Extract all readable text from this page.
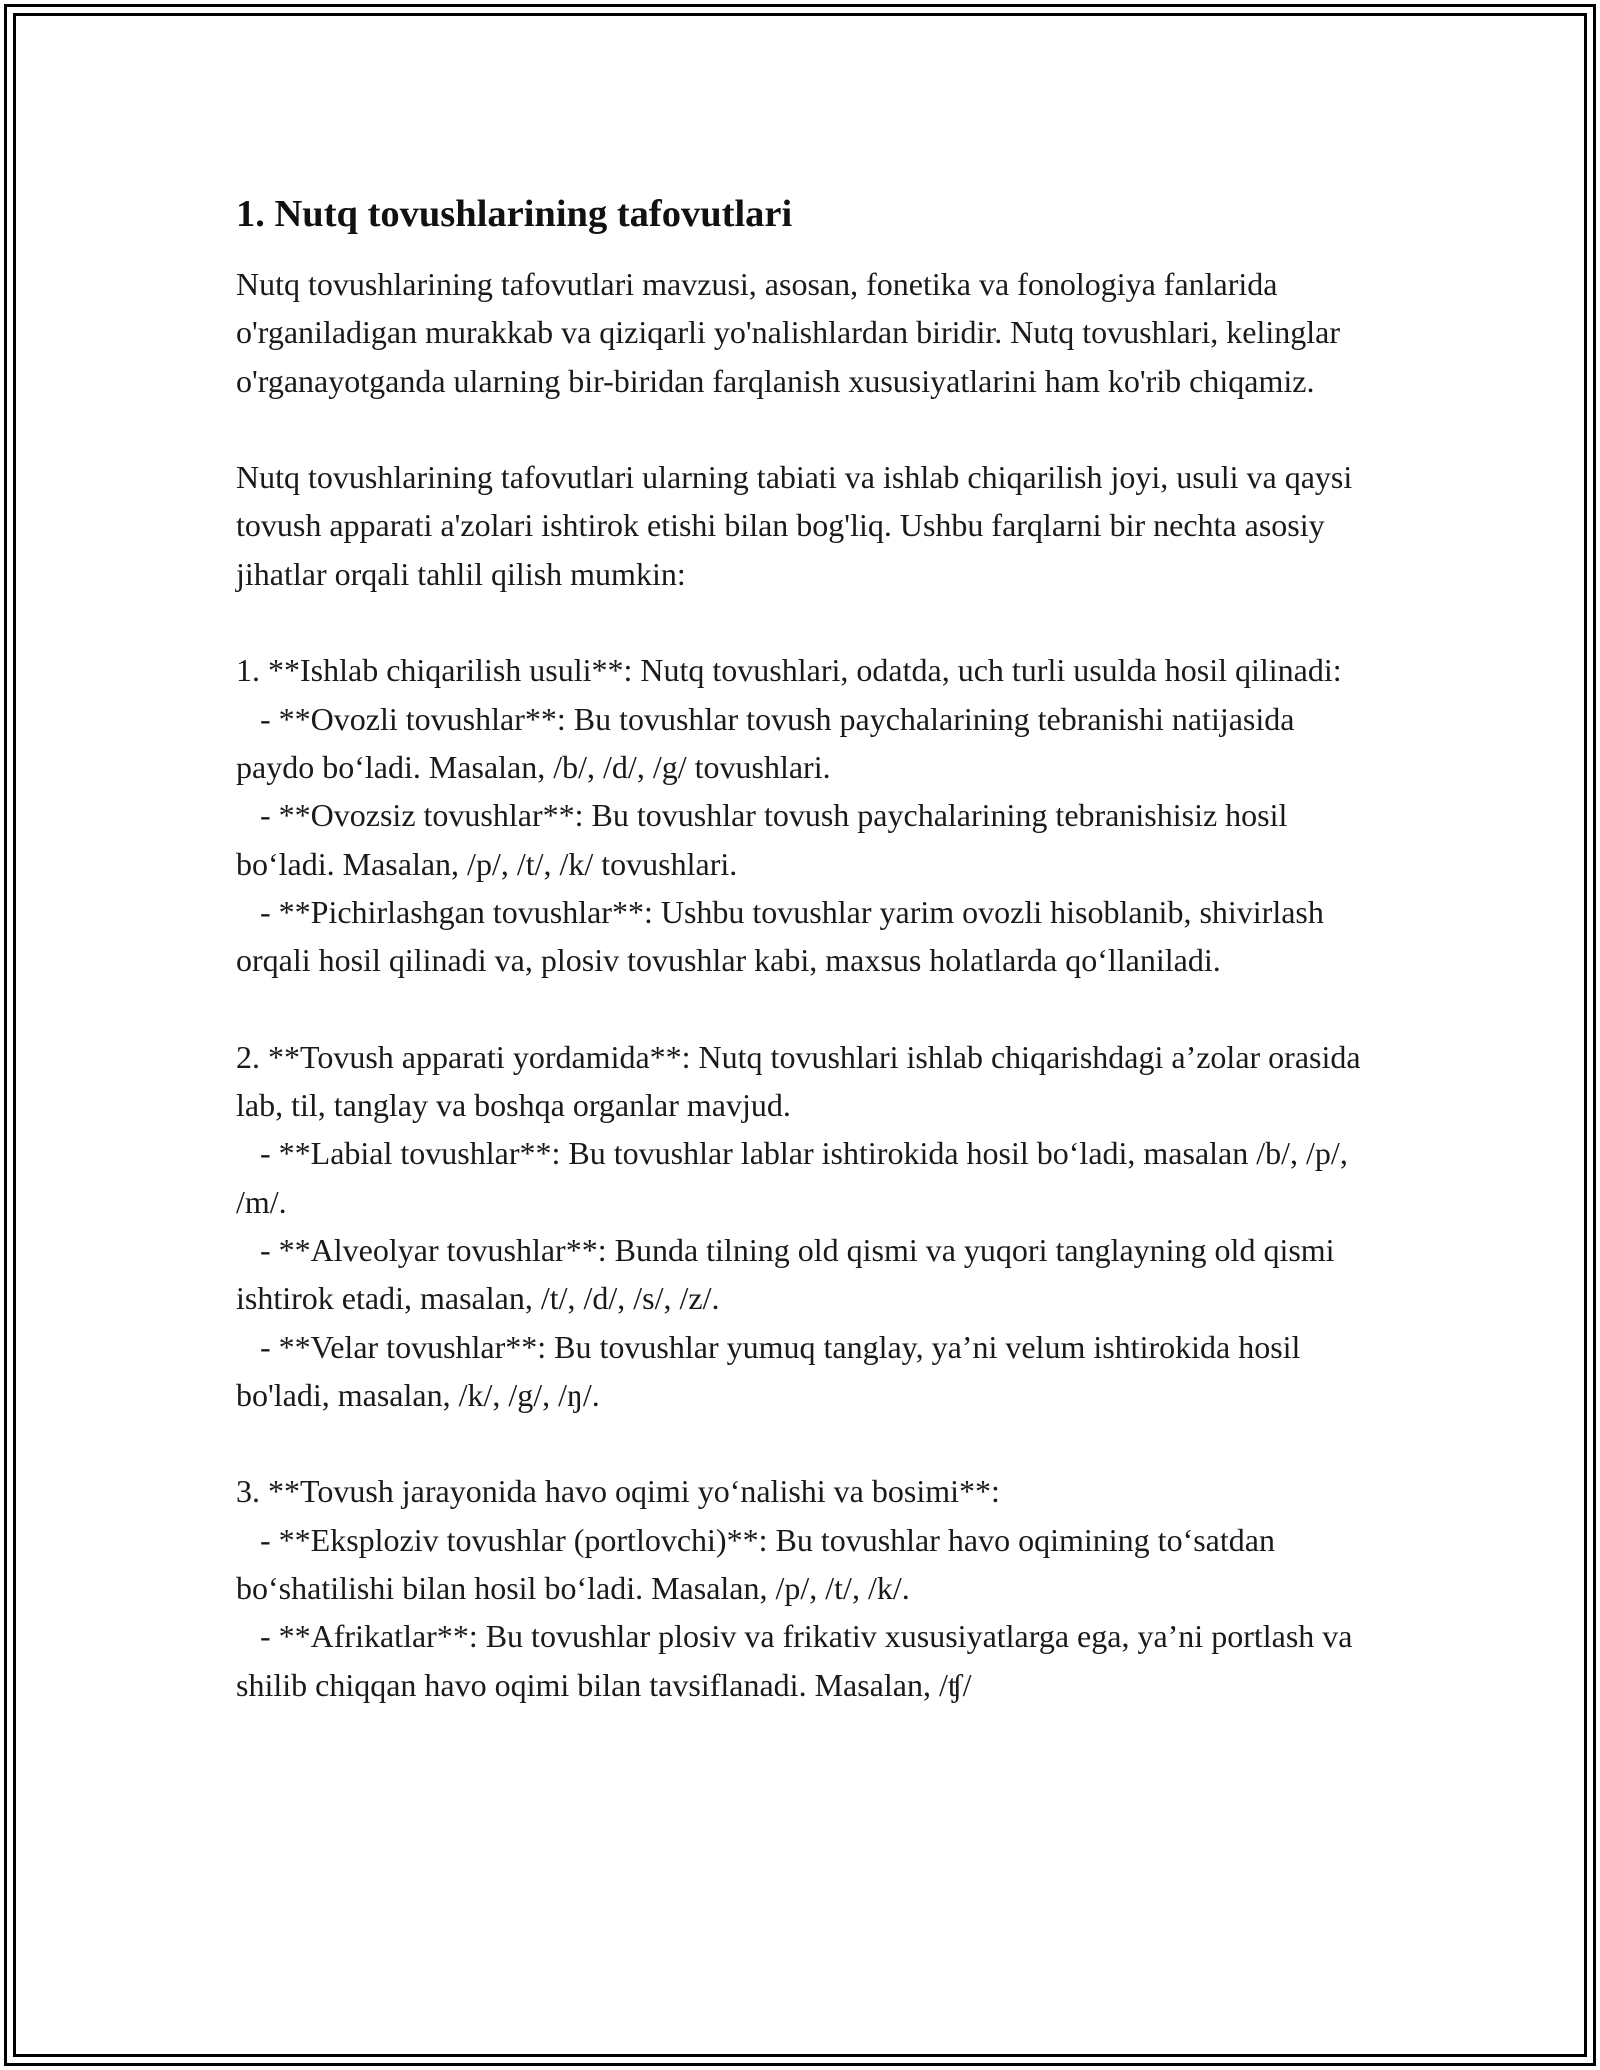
1. Nutq tovushlarining tafovutlari

Nutq tovushlarining tafovutlari mavzusi, asosan, fonetika va fonologiya fanlarida o'rganiladigan murakkab va qiziqarli yo'nalishlardan biridir. Nutq tovushlari, kelinglar o'rganayotganda ularning bir-biridan farqlanish xususiyatlarini ham ko'rib chiqamiz.

Nutq tovushlarining tafovutlari ularning tabiati va ishlab chiqarilish joyi, usuli va qaysi tovush apparati a'zolari ishtirok etishi bilan bog'liq. Ushbu farqlarni bir nechta asosiy jihatlar orqali tahlil qilish mumkin:

1. **Ishlab chiqarilish usuli**: Nutq tovushlari, odatda, uch turli usulda hosil qilinadi:
- **Ovozli tovushlar**: Bu tovushlar tovush paychalarining tebranishi natijasida paydo bo‘ladi. Masalan, /b/, /d/, /g/ tovushlari.
- **Ovozsiz tovushlar**: Bu tovushlar tovush paychalarining tebranishisiz hosil bo‘ladi. Masalan, /p/, /t/, /k/ tovushlari.
- **Pichirlashgan tovushlar**: Ushbu tovushlar yarim ovozli hisoblanib, shivirlash orqali hosil qilinadi va, plosiv tovushlar kabi, maxsus holatlarda qo‘llaniladi.

2. **Tovush apparati yordamida**: Nutq tovushlari ishlab chiqarishdagi a’zolar orasida lab, til, tanglay va boshqa organlar mavjud.
- **Labial tovushlar**: Bu tovushlar lablar ishtirokida hosil bo‘ladi, masalan /b/, /p/, /m/.
- **Alveolyar tovushlar**: Bunda tilning old qismi va yuqori tanglayning old qismi ishtirok etadi, masalan, /t/, /d/, /s/, /z/.
- **Velar tovushlar**: Bu tovushlar yumuq tanglay, ya’ni velum ishtirokida hosil bo'ladi, masalan, /k/, /g/, /ŋ/.

3. **Tovush jarayonida havo oqimi yo‘nalishi va bosimi**:
- **Eksploziv tovushlar (portlovchi)**: Bu tovushlar havo oqimining to‘satdan bo‘shatilishi bilan hosil bo‘ladi. Masalan, /p/, /t/, /k/.
- **Afrikatlar**: Bu tovushlar plosiv va frikativ xususiyatlarga ega, ya’ni portlash va shilib chiqqan havo oqimi bilan tavsiflanadi. Masalan, /ʧ/
